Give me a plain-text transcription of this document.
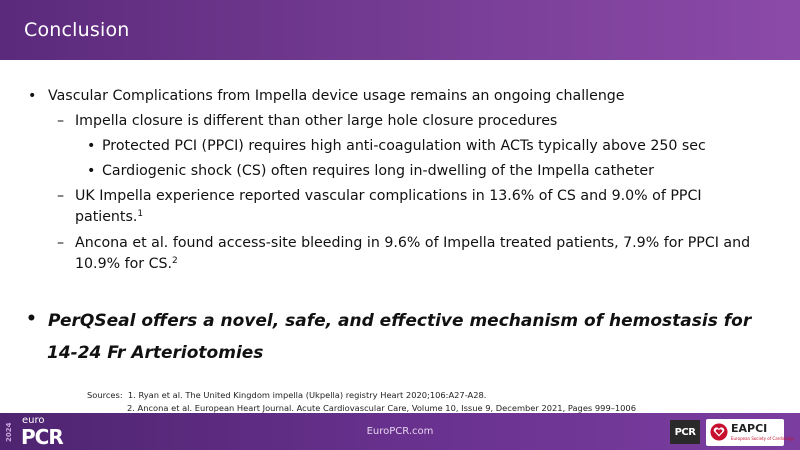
Conclusion
• Vascular Complications from Impella device usage remains an ongoing challenge
– Impella closure is different than other large hole closure procedures
• Protected PCI (PPCI) requires high anti-coagulation with ACTs typically above 250 sec
• Cardiogenic shock (CS) often requires long in-dwelling of the Impella catheter
– UK Impella experience reported vascular complications in 13.6% of CS and 9.0% of PPCI
patients.$^1$
– Ancona et al. found access-site bleeding in 9.6% of Impella treated patients, 7.9% for PPCI and
10.9% for CS.$^2$
• PerQSeal offers a novel, safe, and effective mechanism of hemostasis for
14-24 Fr Arteriotomies
Sources: 1. Ryan et al. The United Kingdom impella (Ukpella) registry Heart 2020;106:A27-A28.
2. Ancona et al. European Heart Journal. Acute Cardiovascular Care, Volume 10, Issue 9, December 2021, Pages 999–1006
2024
euro
PCR	EuroPCR.com	PCR	EAPCI
European Society of Cardiology
